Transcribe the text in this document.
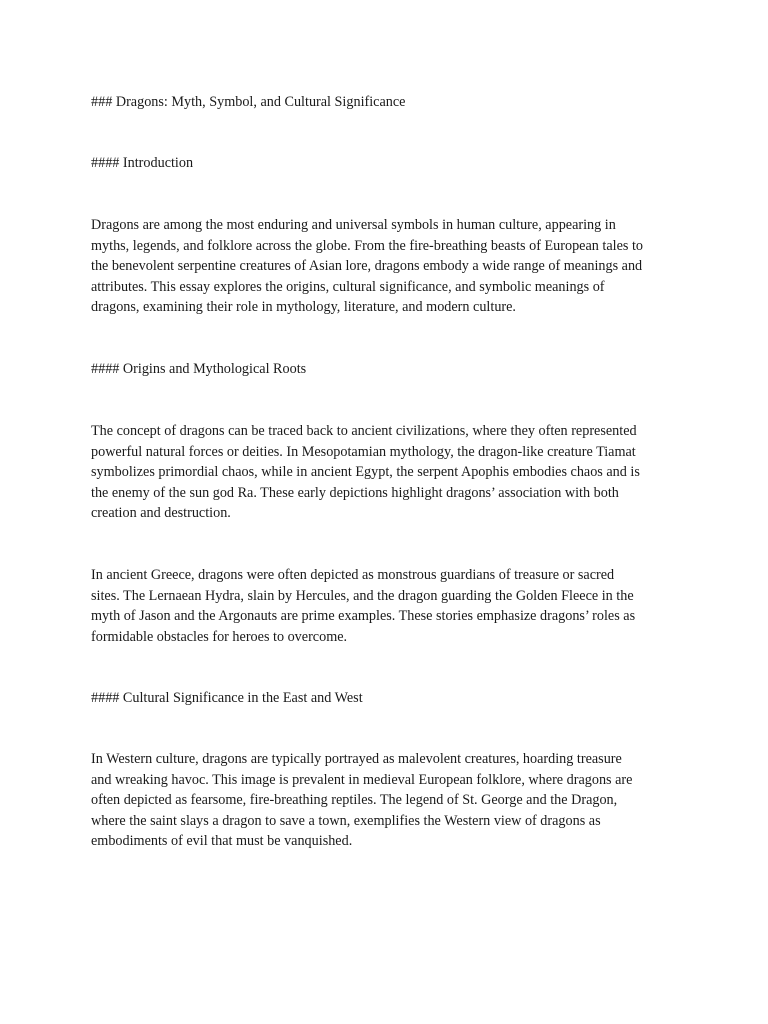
### Dragons: Myth, Symbol, and Cultural Significance

#### Introduction

Dragons are among the most enduring and universal symbols in human culture, appearing in
myths, legends, and folklore across the globe. From the fire-breathing beasts of European tales to
the benevolent serpentine creatures of Asian lore, dragons embody a wide range of meanings and
attributes. This essay explores the origins, cultural significance, and symbolic meanings of
dragons, examining their role in mythology, literature, and modern culture.

#### Origins and Mythological Roots

The concept of dragons can be traced back to ancient civilizations, where they often represented
powerful natural forces or deities. In Mesopotamian mythology, the dragon-like creature Tiamat
symbolizes primordial chaos, while in ancient Egypt, the serpent Apophis embodies chaos and is
the enemy of the sun god Ra. These early depictions highlight dragons’ association with both
creation and destruction.

In ancient Greece, dragons were often depicted as monstrous guardians of treasure or sacred
sites. The Lernaean Hydra, slain by Hercules, and the dragon guarding the Golden Fleece in the
myth of Jason and the Argonauts are prime examples. These stories emphasize dragons’ roles as
formidable obstacles for heroes to overcome.

#### Cultural Significance in the East and West

In Western culture, dragons are typically portrayed as malevolent creatures, hoarding treasure
and wreaking havoc. This image is prevalent in medieval European folklore, where dragons are
often depicted as fearsome, fire-breathing reptiles. The legend of St. George and the Dragon,
where the saint slays a dragon to save a town, exemplifies the Western view of dragons as
embodiments of evil that must be vanquished.
